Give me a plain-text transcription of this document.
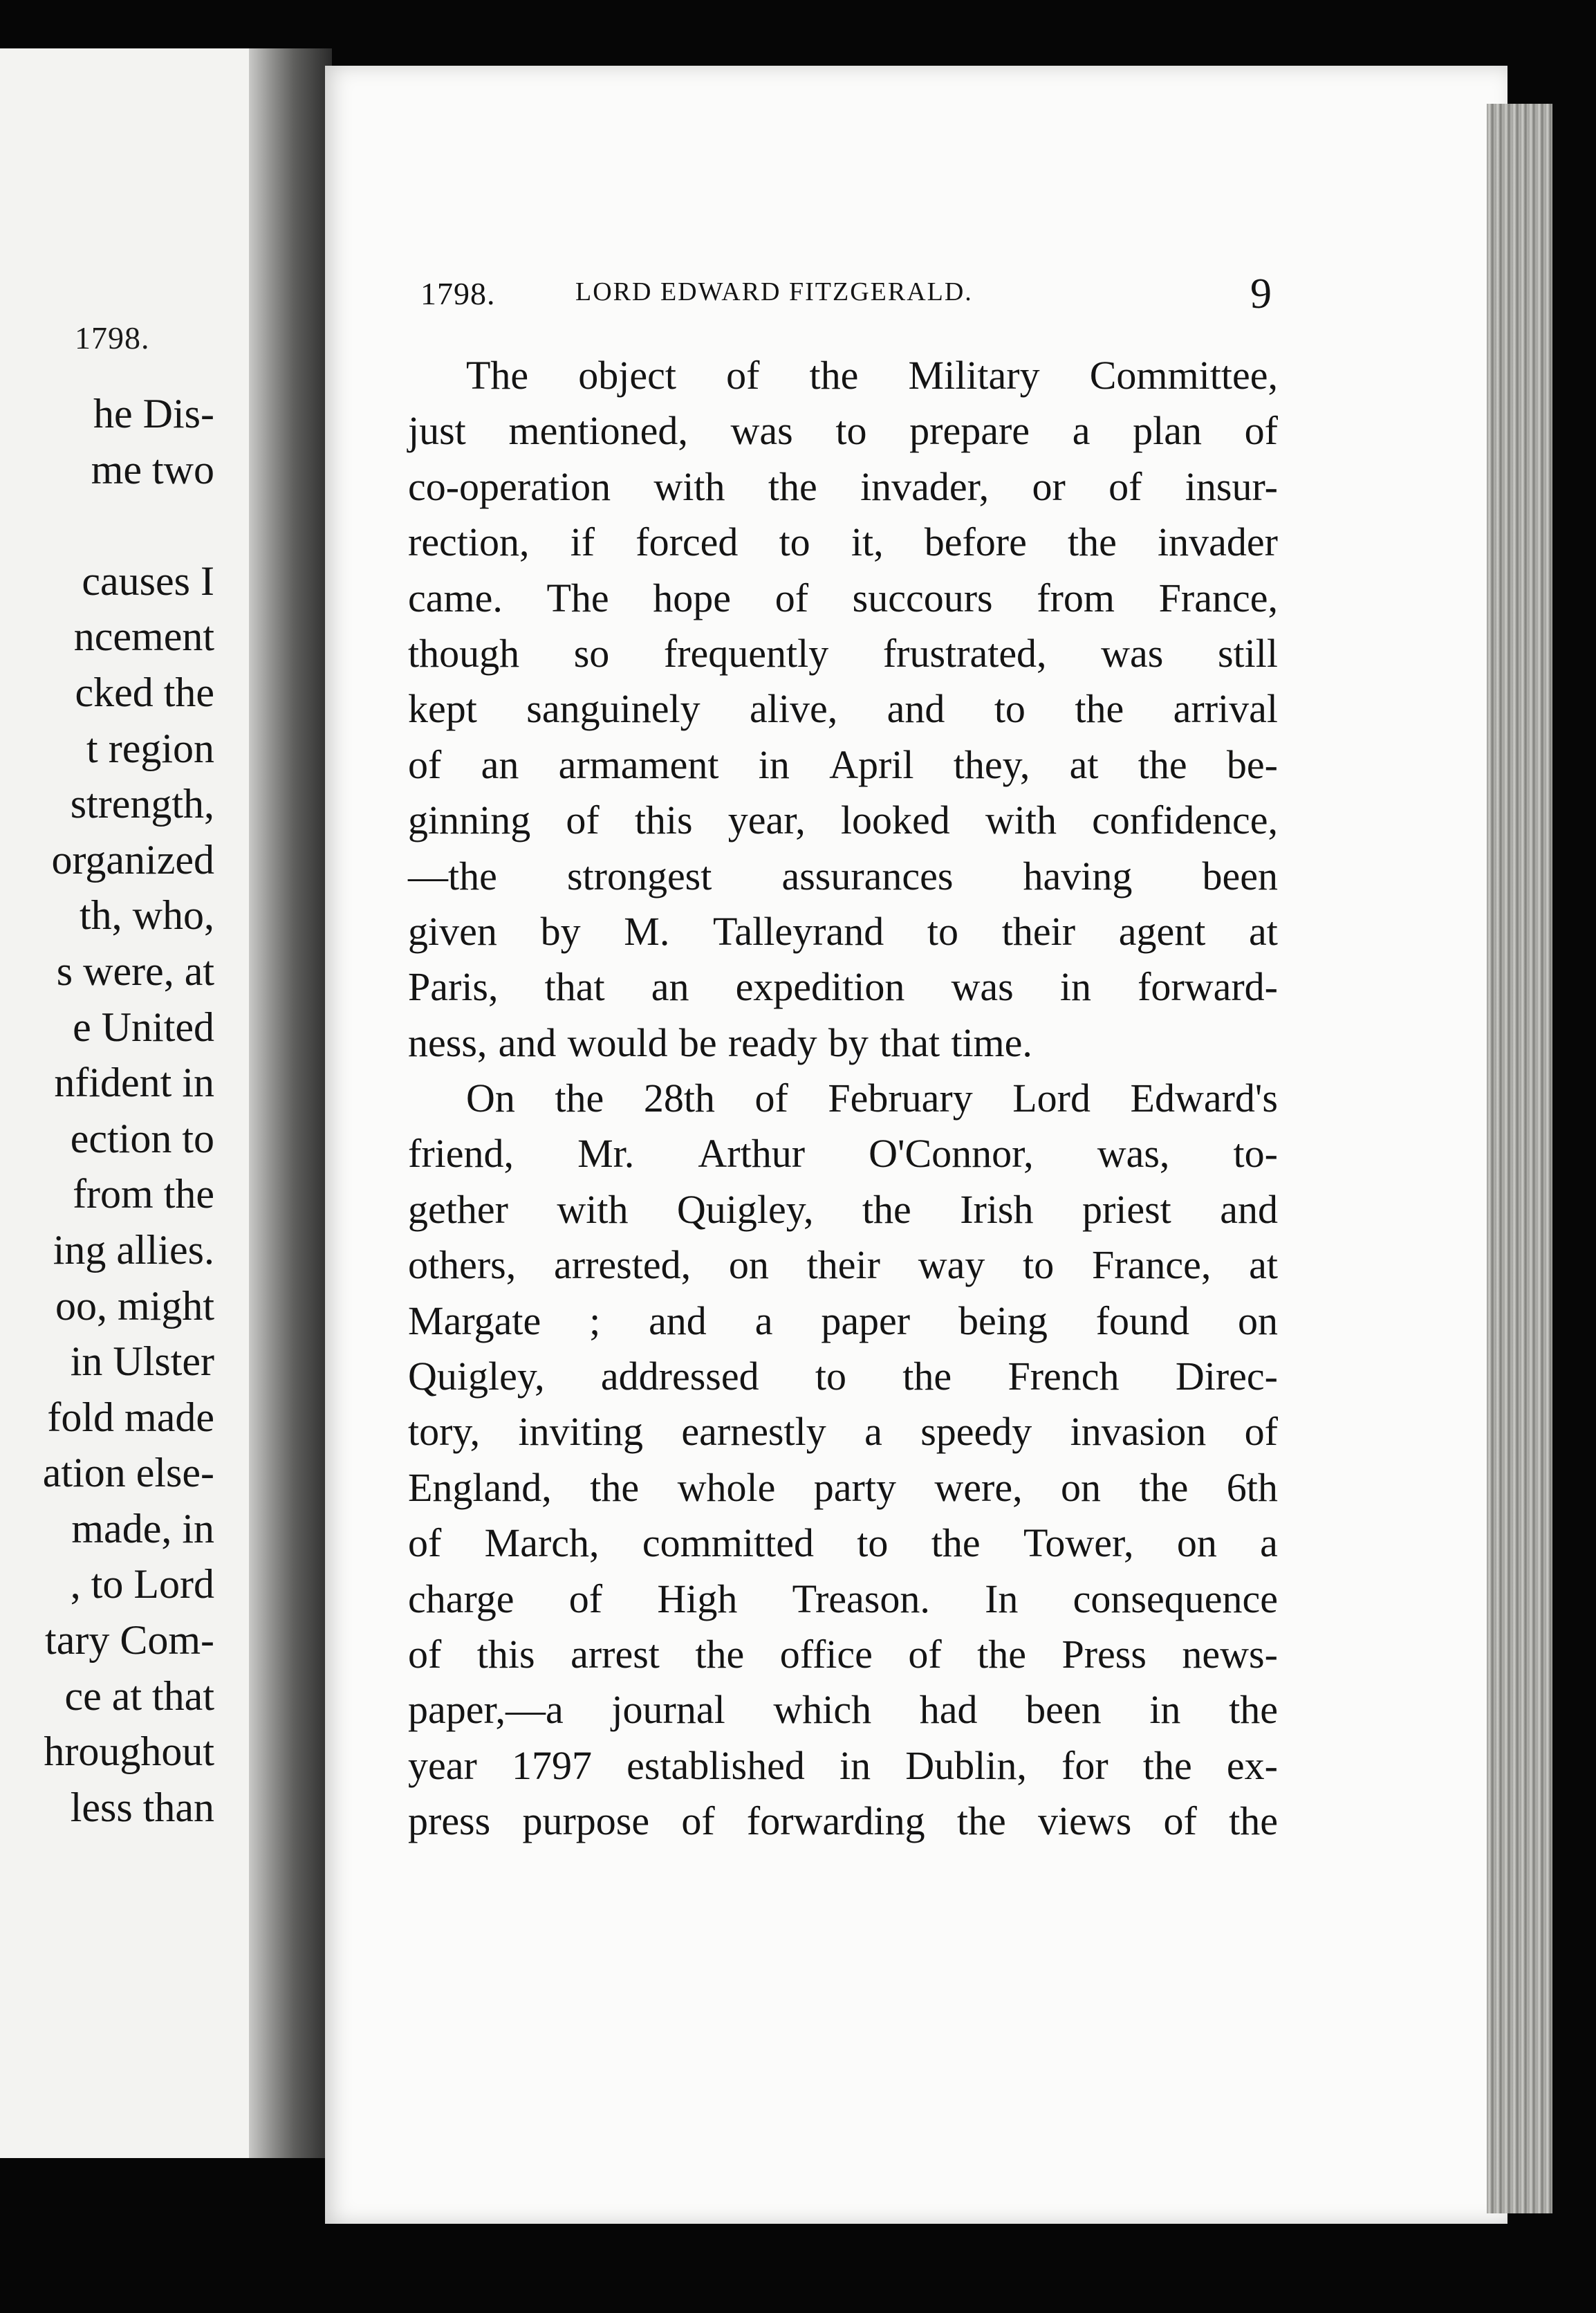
1798.
he Dis-
me two

causes I
ncement
cked the
t region
strength,
organized
th, who,
s were, at
e United
nfident in
ection to
from the
ing allies.
oo, might
in Ulster
fold made
ation else-
made, in
, to Lord
tary Com-
ce at that
hroughout
less than
1798.	LORD EDWARD FITZGERALD.	9
The object of the Military Committee,
just mentioned, was to prepare a plan of
co-operation with the invader, or of insur-
rection, if forced to it, before the invader
came. The hope of succours from France,
though so frequently frustrated, was still
kept sanguinely alive, and to the arrival
of an armament in April they, at the be-
ginning of this year, looked with confidence,
—the strongest assurances having been
given by M. Talleyrand to their agent at
Paris, that an expedition was in forward-
ness, and would be ready by that time.
On the 28th of February Lord Edward's
friend, Mr. Arthur O'Connor, was, to-
gether with Quigley, the Irish priest and
others, arrested, on their way to France, at
Margate ; and a paper being found on
Quigley, addressed to the French Direc-
tory, inviting earnestly a speedy invasion of
England, the whole party were, on the 6th
of March, committed to the Tower, on a
charge of High Treason. In consequence
of this arrest the office of the Press news-
paper,—a journal which had been in the
year 1797 established in Dublin, for the ex-
press purpose of forwarding the views of the
